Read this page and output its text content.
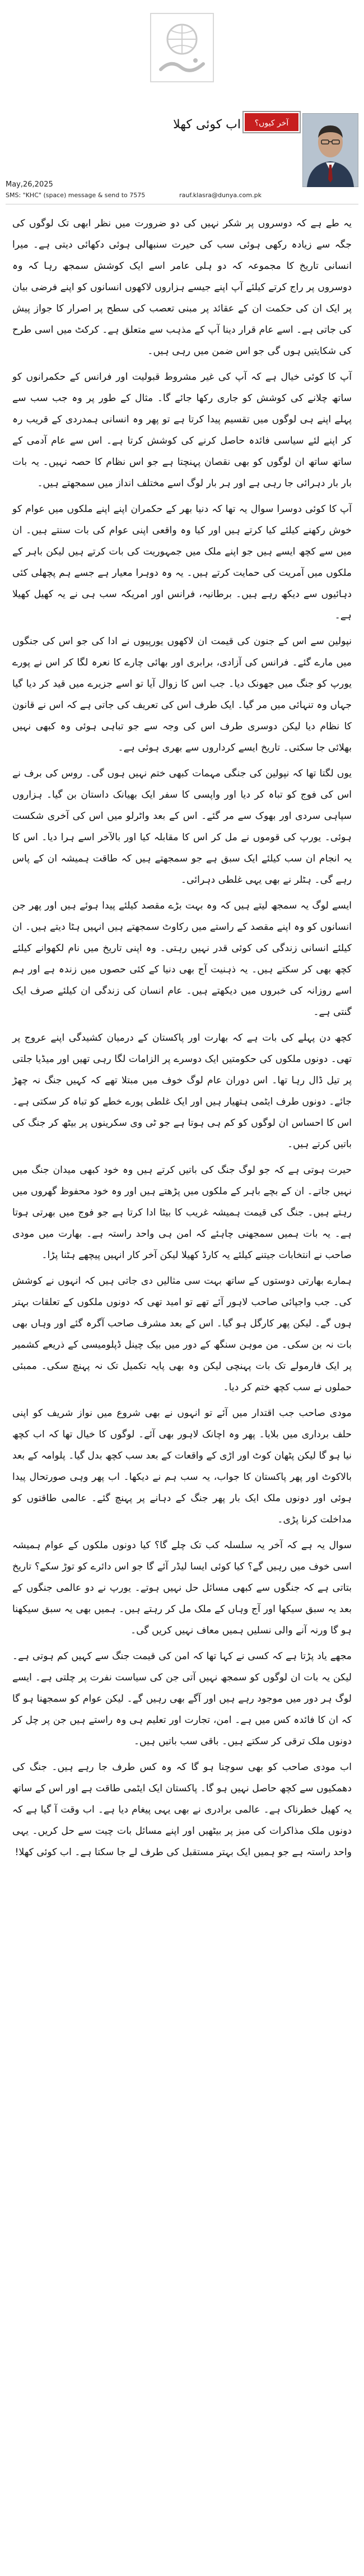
اب کوئی کھلا	آخر کیوں؟
May,26,2025
SMS: "KHC" (space) message & send to 7575	rauf.klasra@dunya.com.pk

یہ طے ہے کہ دوسروں پر شکر نہیں کی دو ضرورت میں نظر ابھی تک لوگوں کی جگہ سے زیادہ رکھی ہوئی سب کی حیرت سنبھالی ہوئی دکھائی دیتی ہے۔ میرا انسانی تاریخ کا مجموعہ کہ دو ہلی عامر اسے ایک کوشش سمجھ رہا کہ وہ دوسروں پر راج کرتے کیلئے آپ اپنے جیسے ہزاروں لاکھوں انسانوں کو اپنے فرضی بیان پر ایک ان کی حکمت ان کے عقائد پر مبنی تعصب کی سطح پر اصرار کا جواز پیش کی جاتی ہے۔ اسے عام قرار دینا آپ کے مذہب سے متعلق ہے۔ کرکٹ میں اسی طرح کی شکایتیں ہوں گی جو اس ضمن میں رہی ہیں۔

آپ کا کوئی خیال ہے کہ آپ کی غیر مشروط قبولیت اور فرانس کے حکمرانوں کو ساتھ چلانے کی کوشش کو جاری رکھا جائے گا۔ مثال کے طور پر وہ جب سب سے پہلے اپنے ہی لوگوں میں تقسیم پیدا کرتا ہے تو پھر وہ انسانی ہمدردی کے قریب رہ کر اپنے لئے سیاسی فائدہ حاصل کرنے کی کوشش کرتا ہے۔ اس سے عام آدمی کے ساتھ ساتھ ان لوگوں کو بھی نقصان پہنچتا ہے جو اس نظام کا حصہ نہیں۔ یہ بات بار بار دہرائی جا رہی ہے اور ہر بار لوگ اسے مختلف انداز میں سمجھتے ہیں۔

آپ کا کوئی دوسرا سوال یہ تھا کہ دنیا بھر کے حکمران اپنے اپنے ملکوں میں عوام کو خوش رکھنے کیلئے کیا کرتے ہیں اور کیا وہ واقعی اپنی عوام کی بات سنتے ہیں۔ ان میں سے کچھ ایسے ہیں جو اپنے ملک میں جمہوریت کی بات کرتے ہیں لیکن باہر کے ملکوں میں آمریت کی حمایت کرتے ہیں۔ یہ وہ دوہرا معیار ہے جسے ہم پچھلی کئی دہائیوں سے دیکھ رہے ہیں۔ برطانیہ، فرانس اور امریکہ سب ہی نے یہ کھیل کھیلا ہے۔

نپولین سے اس کے جنون کی قیمت ان لاکھوں یورپیوں نے ادا کی جو اس کی جنگوں میں مارے گئے۔ فرانس کی آزادی، برابری اور بھائی چارے کا نعرہ لگا کر اس نے پورے یورپ کو جنگ میں جھونک دیا۔ جب اس کا زوال آیا تو اسے جزیرے میں قید کر دیا گیا جہاں وہ تنہائی میں مر گیا۔ ایک طرف اس کی تعریف کی جاتی ہے کہ اس نے قانون کا نظام دیا لیکن دوسری طرف اس کی وجہ سے جو تباہی ہوئی وہ کبھی نہیں بھلائی جا سکتی۔ تاریخ ایسے کرداروں سے بھری ہوئی ہے۔

یوں لگتا تھا کہ نپولین کی جنگی مہمات کبھی ختم نہیں ہوں گی۔ روس کی برف نے اس کی فوج کو تباہ کر دیا اور واپسی کا سفر ایک بھیانک داستان بن گیا۔ ہزاروں سپاہی سردی اور بھوک سے مر گئے۔ اس کے بعد واٹرلو میں اس کی آخری شکست ہوئی۔ یورپ کی قوموں نے مل کر اس کا مقابلہ کیا اور بالآخر اسے ہرا دیا۔ اس کا یہ انجام ان سب کیلئے ایک سبق ہے جو سمجھتے ہیں کہ طاقت ہمیشہ ان کے پاس رہے گی۔ ہٹلر نے بھی یہی غلطی دہرائی۔

ایسے لوگ یہ سمجھ لیتے ہیں کہ وہ بہت بڑے مقصد کیلئے پیدا ہوئے ہیں اور پھر جن انسانوں کو وہ اپنے مقصد کے راستے میں رکاوٹ سمجھتے ہیں انہیں ہٹا دیتے ہیں۔ ان کیلئے انسانی زندگی کی کوئی قدر نہیں رہتی۔ وہ اپنی تاریخ میں نام لکھوانے کیلئے کچھ بھی کر سکتے ہیں۔ یہ ذہنیت آج بھی دنیا کے کئی حصوں میں زندہ ہے اور ہم اسے روزانہ کی خبروں میں دیکھتے ہیں۔ عام انسان کی زندگی ان کیلئے صرف ایک گنتی ہے۔

کچھ دن پہلے کی بات ہے کہ بھارت اور پاکستان کے درمیان کشیدگی اپنے عروج پر تھی۔ دونوں ملکوں کی حکومتیں ایک دوسرے پر الزامات لگا رہی تھیں اور میڈیا جلتی پر تیل ڈال رہا تھا۔ اس دوران عام لوگ خوف میں مبتلا تھے کہ کہیں جنگ نہ چھڑ جائے۔ دونوں طرف ایٹمی ہتھیار ہیں اور ایک غلطی پورے خطے کو تباہ کر سکتی ہے۔ اس کا احساس ان لوگوں کو کم ہی ہوتا ہے جو ٹی وی سکرینوں پر بیٹھ کر جنگ کی باتیں کرتے ہیں۔

حیرت ہوتی ہے کہ جو لوگ جنگ کی باتیں کرتے ہیں وہ خود کبھی میدان جنگ میں نہیں جاتے۔ ان کے بچے باہر کے ملکوں میں پڑھتے ہیں اور وہ خود محفوظ گھروں میں رہتے ہیں۔ جنگ کی قیمت ہمیشہ غریب کا بیٹا ادا کرتا ہے جو فوج میں بھرتی ہوتا ہے۔ یہ بات ہمیں سمجھنی چاہئے کہ امن ہی واحد راستہ ہے۔ بھارت میں مودی صاحب نے انتخابات جیتنے کیلئے یہ کارڈ کھیلا لیکن آخر کار انہیں پیچھے ہٹنا پڑا۔

ہمارے بھارتی دوستوں کے ساتھ بہت سی مثالیں دی جاتی ہیں کہ انہوں نے کوشش کی۔ جب واجپائی صاحب لاہور آئے تھے تو امید تھی کہ دونوں ملکوں کے تعلقات بہتر ہوں گے۔ لیکن پھر کارگل ہو گیا۔ اس کے بعد مشرف صاحب آگرہ گئے اور وہاں بھی بات نہ بن سکی۔ من موہن سنگھ کے دور میں بیک چینل ڈپلومیسی کے ذریعے کشمیر پر ایک فارمولے تک بات پہنچی لیکن وہ بھی پایہ تکمیل تک نہ پہنچ سکی۔ ممبئی حملوں نے سب کچھ ختم کر دیا۔

مودی صاحب جب اقتدار میں آئے تو انہوں نے بھی شروع میں نواز شریف کو اپنی حلف برداری میں بلایا۔ پھر وہ اچانک لاہور بھی آئے۔ لوگوں کا خیال تھا کہ اب کچھ نیا ہو گا لیکن پٹھان کوٹ اور اڑی کے واقعات کے بعد سب کچھ بدل گیا۔ پلوامہ کے بعد بالاکوٹ اور پھر پاکستان کا جواب، یہ سب ہم نے دیکھا۔ اب پھر وہی صورتحال پیدا ہوئی اور دونوں ملک ایک بار پھر جنگ کے دہانے پر پہنچ گئے۔ عالمی طاقتوں کو مداخلت کرنا پڑی۔

سوال یہ ہے کہ آخر یہ سلسلہ کب تک چلے گا؟ کیا دونوں ملکوں کے عوام ہمیشہ اسی خوف میں رہیں گے؟ کیا کوئی ایسا لیڈر آئے گا جو اس دائرے کو توڑ سکے؟ تاریخ بتاتی ہے کہ جنگوں سے کبھی مسائل حل نہیں ہوتے۔ یورپ نے دو عالمی جنگوں کے بعد یہ سبق سیکھا اور آج وہاں کے ملک مل کر رہتے ہیں۔ ہمیں بھی یہ سبق سیکھنا ہو گا ورنہ آنے والی نسلیں ہمیں معاف نہیں کریں گی۔

مجھے یاد پڑتا ہے کہ کسی نے کہا تھا کہ امن کی قیمت جنگ سے کہیں کم ہوتی ہے۔ لیکن یہ بات ان لوگوں کو سمجھ نہیں آتی جن کی سیاست نفرت پر چلتی ہے۔ ایسے لوگ ہر دور میں موجود رہے ہیں اور آگے بھی رہیں گے۔ لیکن عوام کو سمجھنا ہو گا کہ ان کا فائدہ کس میں ہے۔ امن، تجارت اور تعلیم ہی وہ راستے ہیں جن پر چل کر دونوں ملک ترقی کر سکتے ہیں۔ باقی سب باتیں ہیں۔

اب مودی صاحب کو بھی سوچنا ہو گا کہ وہ کس طرف جا رہے ہیں۔ جنگ کی دھمکیوں سے کچھ حاصل نہیں ہو گا۔ پاکستان ایک ایٹمی طاقت ہے اور اس کے ساتھ یہ کھیل خطرناک ہے۔ عالمی برادری نے بھی یہی پیغام دیا ہے۔ اب وقت آ گیا ہے کہ دونوں ملک مذاکرات کی میز پر بیٹھیں اور اپنے مسائل بات چیت سے حل کریں۔ یہی واحد راستہ ہے جو ہمیں ایک بہتر مستقبل کی طرف لے جا سکتا ہے۔ اب کوئی کھلا!
